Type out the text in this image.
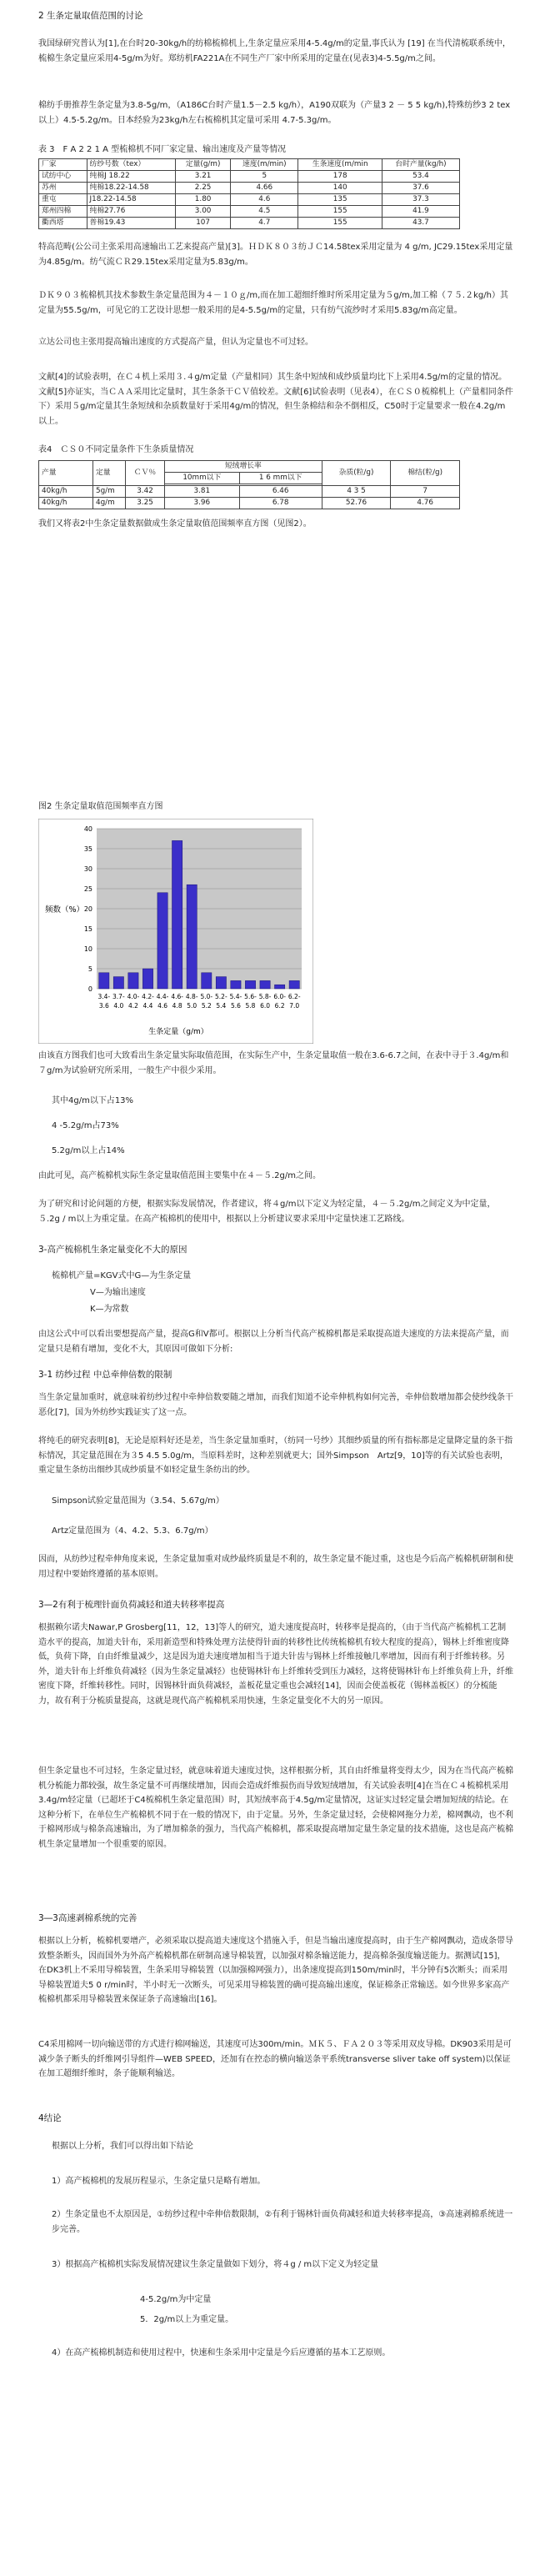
2 生条定量取值范围的讨论

我国绿研究普认为[1],在台时20-30kg/h的纺棉梳棉机上,生条定量应采用4-5.4g/m的定量,事氏认为 [19] 在当代清梳联系统中，梳棉生条定量应采用4-5g/m为好。郑纺机FA221A在不同生产厂家中所采用的定量在(见表3)4-5.5g/m之间。

棉纺手册推荐生条定量为3.8-5g/m，（A186C台时产量1.5－2.5 kg/h），A190双联为（产量3 2 － 5 5 kg/h),特殊纺纱3 2 tex以上）4.5-5.2g/m。日本经验为23kg/h左右梳棉机其定量可采用 4.7-5.3g/m。

表 3　F A 2 2 1 A 型梳棉机不同厂家定量、输出速度及产量等情况
厂家	纺纱号数（tex）	定量(g/m)	速度(m/min)	生条速度(m/min	台时产量(kg/h)
试纺中心	纯棉J 18.22	3.21	5	178	53.4
苏州	纯棉18.22-14.58	2.25	4.66	140	37.6
重屯	J18.22-14.58	1.80	4.6	135	37.3
郑州四棉	纯棉27.76	3.00	4.5	155	41.9
衢西塔	普棉19.43	107	4.7	155	43.7

特高范畴(公公司主张采用高速输出工艺来提高产量)[3]。ＨＤＫ８０３纺ＪＣ14.58tex采用定量为 4 g/m, JC29.15tex采用定量为4.85g/m。纺气流ＣＲ29.15tex采用定量为5.83g/m。

ＤＫ９０３梳棉机其技术参数生条定量范围为４－１０ｇ/m,而在加工超细纤维时所采用定量为５g/m,加工棉（７５.２kg/h）其定量为55.5g/m，可见它的工艺设计思想一般采用的是4-5.5g/m的定量，只有纺气流纱时才采用5.83g/m高定量。

立达公司也主张用提高输出速度的方式提高产量，但认为定量也不可过轻。

文献[4]的试验表明，在Ｃ４机上采用３.４g/m定量（产量相同）其生条中短绒和成纱质量均比下上采用4.5g/m的定量的情况。文献[5]亦证实，当ＣＡＡ采用比定量时，其生条条干ＣＶ值较差。文献[6]试验表明（见表4），在ＣＳ０梳棉机上（产量相同条件下）采用５g/m定量其生条短绒和杂质数量好于采用4g/m的情况，但生条棉结和杂不倒相反，C50时于定量要求一般在4.2g/m以上。

表4　ＣＳ０不同定量条件下生条质量情况
产量	定量	ＣＶ％	短绒增长率		杂质(粒/g)	棉结(粒/g)
			10mm以下	1 6 mm以下		

40kg/h	5g/m	3.42	3.81	6.46	4 3 5	7
40kg/h	4g/m	3.25	3.96	6.78	52.76	4.76

我们又将表2中生条定量数据做成生条定量取值范围频率直方图（见图2）。

图2 生条定量取值范围频率直方图
0
5
10
15
20
25
30
35
40
3.4-
3.6
3.7-
4.0
4.0-
4.2
4.2-
4.4
4.4-
4.6
4.6-
4.8
4.8-
5.0
5.0-
5.2
5.2-
5.4
5.4-
5.6
5.6-
5.8
5.8-
6.0
6.0-
6.2
6.2-
7.0
频数（%）
生条定量（g/m）

由该直方图我们也可大致看出生条定量实际取值范围，在实际生产中，生条定量取值一般在3.6-6.7之间，在表中寻于３.4g/m和７g/m为试验研究所采用，一般生产中很少采用。

其中4g/m以下占13%
4 -5.2g/m占73%
5.2g/m以上占14%

由此可见，高产梳棉机实际生条定量取值范围主要集中在４－５.2g/m之间。

为了研究和讨论问题的方便，根据实际发展情况，作者建议，将４g/m以下定义为轻定量，４－５.2g/m之间定义为中定量，５.2g / m以上为重定量。在高产梳棉机的使用中，根据以上分析建议要求采用中定量快速工艺路线。

3-高产梳棉机生条定量变化不大的原因
梳棉机产量=KGV式中G—为生条定量
V—为输出速度
K—为常数

由这公式中可以看出要想提高产量，提高G和V都可。根据以上分析当代高产梳棉机都是采取提高道夫速度的方法来提高产量，而定量只是稍有增加，变化不大，其原因可做如下分析:

3-1 纺纱过程 中总牵伸倍数的限制

当生条定量加重时，就意味着纺纱过程中牵伸倍数要随之增加，而我们知道不论牵伸机构如何完善，牵伸倍数增加都会使纱线条干恶化[7]，国为外纺纱实践证实了这一点。

将纯毛的研究表明[8]，无论是原料好还是差，当生条定量加重时，（纺同一号纱）其细纱质量的所有指标都是定量降定量的条干指标情况，其定量范围在为３5 4.5 5.0g/m，当原料差时，这种差别就更大；国外Simpson　Artz[9，10]等的有关试验也表明，重定量生条纺出细纱其成纱质量不如轻定量生条纺出的纱。

Simpson试验定量范围为（3.54、5.67g/m）
Artz定量范围为（4、4.2、5.3、6.7g/m）

因而，从纺纱过程牵伸角度来说，生条定量加重对成纱最终质量是不利的，故生条定量不能过重，这也是今后高产梳棉机研制和使用过程中要始终遵循的基本原则。

3—2有利于梳理针面负荷减轻和道夫转移率提高

根据赖尔诺夫Nawar,P Grosberg[11，12，13]等人的研究，道夫速度提高时，转移率是提高的，（由于当代高产梳棉机工艺制造水平的提高，加道夫针布，采用新造型和特殊处理方法使得针面的转移性比传统梳棉机有较大程度的提高），锡林上纤维密度降低，负荷下降，自由纤维量减少，这是因为道夫速度增加相当于道夫针齿与锡林上纤维接触几率增加，因而有利于纤维转移。另外，道夫针布上纤维负荷减轻（因为生条定量减轻）也使锡林针布上纤维转受到压力减轻，这将使锡林针布上纤维负荷上升，纤维密度下降，纤维转移性。同时，因锡林针面负荷减轻，盖板花量定重也会减轻[14]，因而会使盖板花（锡林盖板区）的分梳能力，故有利于分梳质量提高，这就是现代高产梳棉机采用快速，生条定量变化不大的另一原因。

但生条定量也不可过轻，生条定量过轻，就意味着道夫速度过快，这样根据分析，其自由纤维量将变得太少，因为在当代高产梳棉机分梳能力都较强，故生条定量不可再继续增加，因而会造成纤维损伤而导致短绒增加，有关试验表明[4]在当在Ｃ４梳棉机采用3.4g/m轻定量（已超坯于C4梳棉机生条定量范围）时，其短绒率高于4.5g/m定量情况，这证实过轻定量会增加短绒的结论。在这种分析下，在单位生产梳棉机不同于在一般的情况下，由于定量。另外，生条定量过轻，会使棉网拖分力差，棉网飘动，也不利于棉网形成与棉条高速输出，为了增加棉条的强力，当代高产梳棉机，都采取提高增加定量生条定量的技术措施，这也是高产梳棉机生条定量增加一个很重要的原因。

3―3高速剥棉系统的完善

根据以上分析，梳棉机要增产，必须采取以提高道夫速度这个措施入手，但是当输出速度提高时，由于生产棉网飘动，造成条带导致整条断头，因而国外为外高产梳棉机都在研制高速导棉装置，以加强对棉条输送能力，提高棉条强度输送能力。据测试[15]，在DK3机上不采用导棉装置，生条采用导棉装置（以加强棉网强力），出条速度提高到150m/min时，半分钟有5次断头；而采用导棉装置道夫5 0 r/min时，半小时无一次断头，可见采用导棉装置的确可提高输出速度，保证棉条正常输送。如今世界多家高产梳棉机都采用导棉装置来保证条子高速输出[16]。

C4采用棉网一切向输送带的方式进行棉网输送，其速度可达300m/min。ＭＫ５、ＦＡ２０３等采用双皮导棉。DK903采用是可减少条子断头的纤维网引导组件—WEB SPEED，还加有在控态的横向输送条平系统transverse sliver take off system)以保证在加工超细纤维时，条子能顺利输送。

4结论
根据以上分析，我们可以得出如下结论

1）高产梳棉机的发展历程显示，生条定量只是略有增加。

2）生条定量也不太原因是，①纺纱过程中牵伸倍数限制，②有利于锡林针面负荷减轻和道夫转移率提高，③高速剥棉系统进一步完善。

3）根据高产梳棉机实际发展情况建议生条定量做如下划分，将４g / m以下定义为轻定量

4-5.2g/m为中定量
5．2g/m以上为重定量。

4）在高产梳棉机制造和使用过程中，快速和生条采用中定量是今后应遵循的基本工艺原则。
